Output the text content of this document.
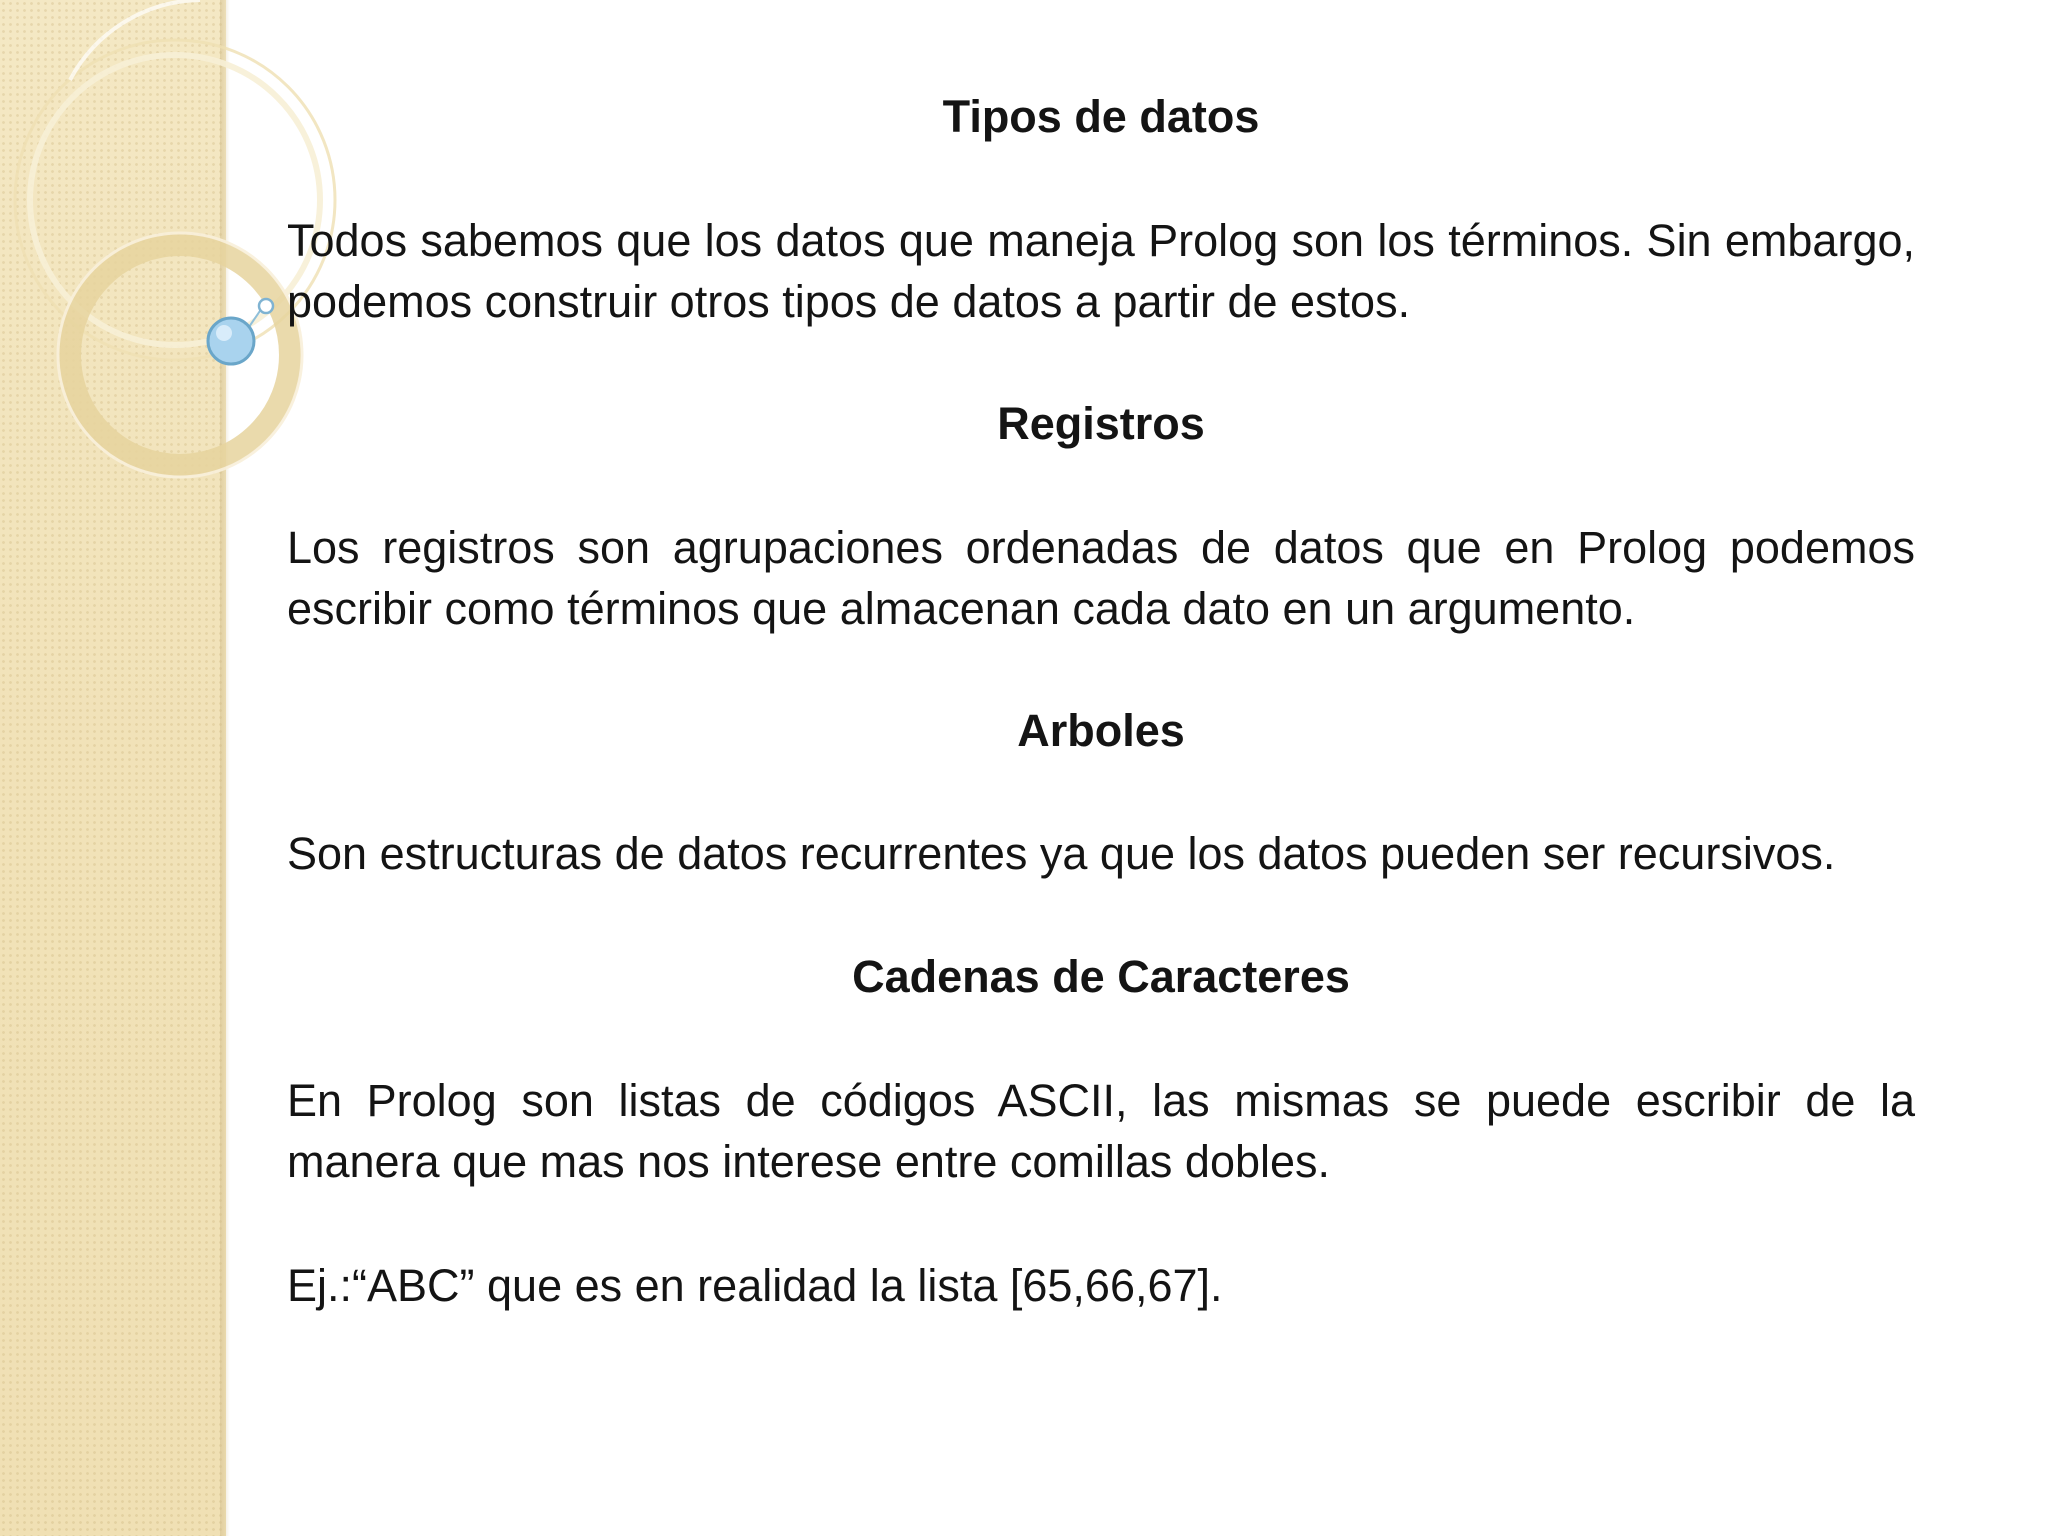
Tipos de datos

Todos sabemos que los datos que maneja Prolog son los términos. Sin embargo, podemos construir otros tipos de datos a partir de estos.

Registros

Los registros son agrupaciones ordenadas de datos que en Prolog podemos escribir como términos que almacenan cada dato en un argumento.

Arboles

Son estructuras de datos recurrentes ya que los datos pueden ser recursivos.

Cadenas de Caracteres

En Prolog son listas de códigos ASCII, las mismas se puede escribir de la manera que mas nos interese entre comillas dobles.

Ej.:“ABC” que es en realidad la lista [65,66,67].
